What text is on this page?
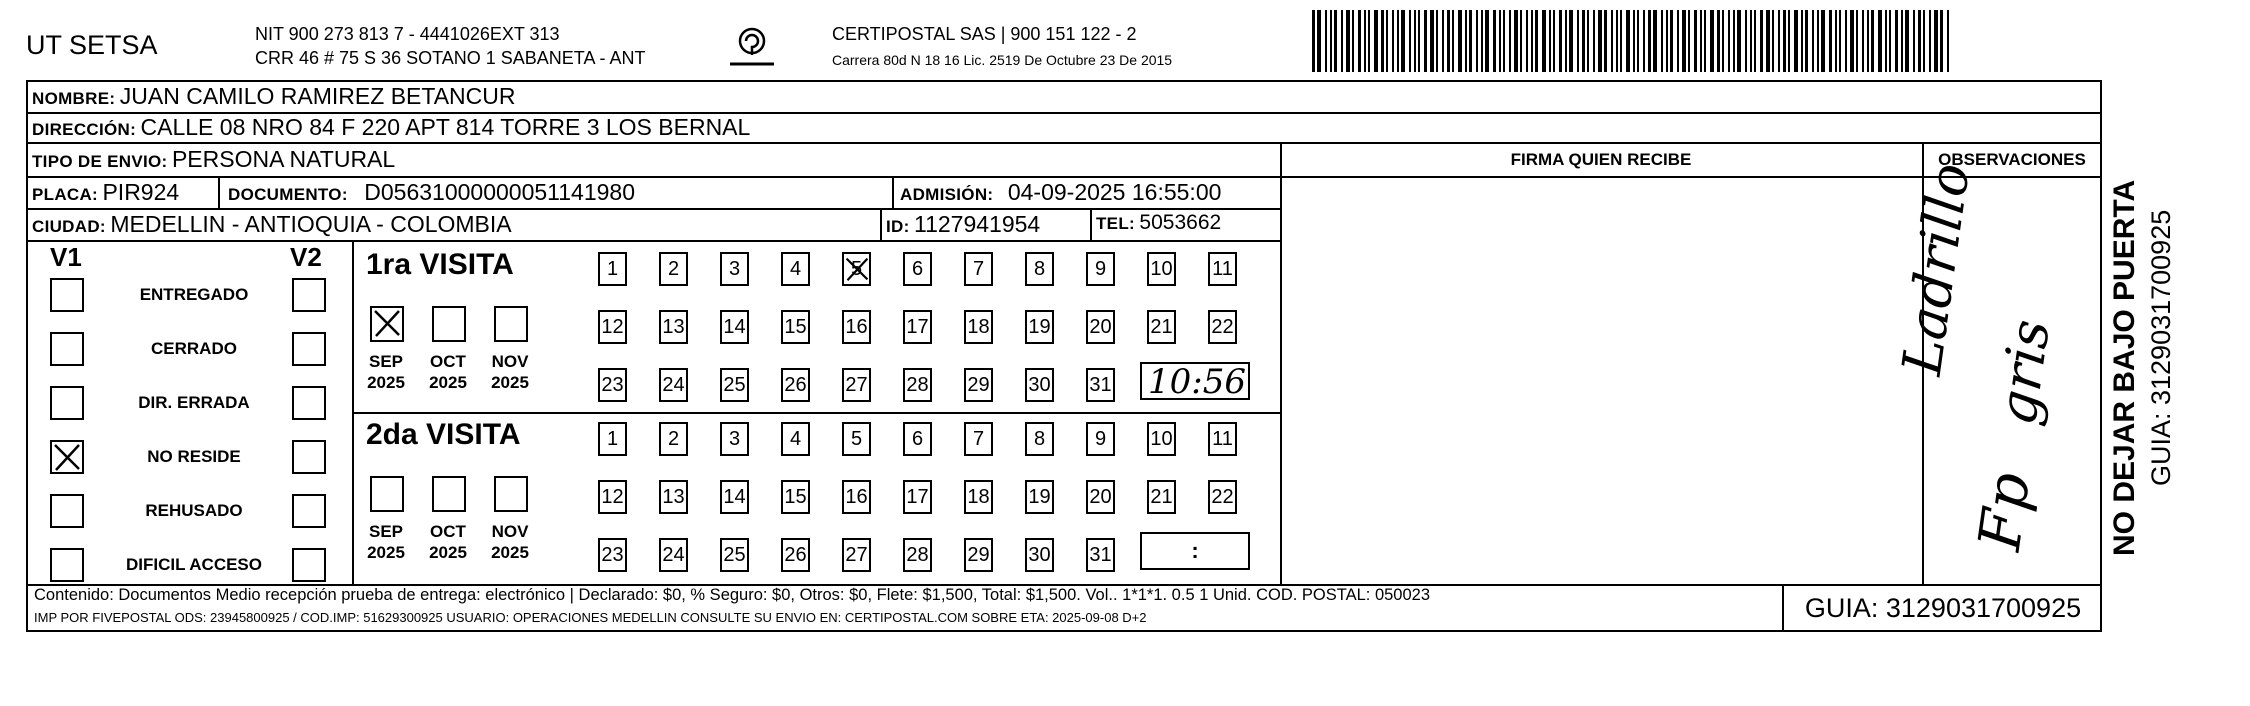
UT SETSA	NIT 900 273 813 7 - 4441026EXT 313
CRR 46 # 75 S 36 SOTANO 1 SABANETA - ANT
CERTIPOSTAL SAS | 900 151 122 - 2
Carrera 80d N 18 16 Lic. 2519 De Octubre 23 De 2015
NOMBRE: JUAN CAMILO RAMIREZ BETANCUR
DIRECCIÓN: CALLE 08 NRO 84 F 220 APT 814 TORRE 3 LOS BERNAL
TIPO DE ENVIO: PERSONA NATURAL
PLACA: PIR924	DOCUMENTO: D05631000000051141980	ADMISIÓN: 04-09-2025 16:55:00
CIUDAD: MEDELLIN - ANTIOQUIA - COLOMBIA	ID: 1127941954	TEL: 5053662
FIRMA QUIEN RECIBE	OBSERVACIONES
V1	V2
ENTREGADO
CERRADO
DIR. ERRADA
NO RESIDE
REHUSADO
DIFICIL ACCESO
1ra VISITA
2da VISITA
SEP
2025
OCT
2025
NOV
2025
SEP
2025
OCT
2025
NOV
2025
1 2 3 4 5 6 7 8 9 10 11
12 13 14 15 16 17 18 19 20 21 22
23 24 25 26 27 28 29 30 31
1 2 3 4 5 6 7 8 9 10 11
12 13 14 15 16 17 18 19 20 21 22
23 24 25 26 27 28 29 30 31
10:56
:
Ladrillo gris
Fp NO DEJAR BAJO PUERTA GUIA: 3129031700925
Contenido: Documentos Medio recepción prueba de entrega: electrónico | Declarado: $0, % Seguro: $0, Otros: $0, Flete: $1,500, Total: $1,500. Vol.. 1*1*1. 0.5 1 Unid. COD. POSTAL: 050023
IMP POR FIVEPOSTAL ODS: 23945800925 / COD.IMP: 51629300925 USUARIO: OPERACIONES MEDELLIN CONSULTE SU ENVIO EN: CERTIPOSTAL.COM SOBRE ETA: 2025-09-08 D+2	GUIA: 3129031700925
